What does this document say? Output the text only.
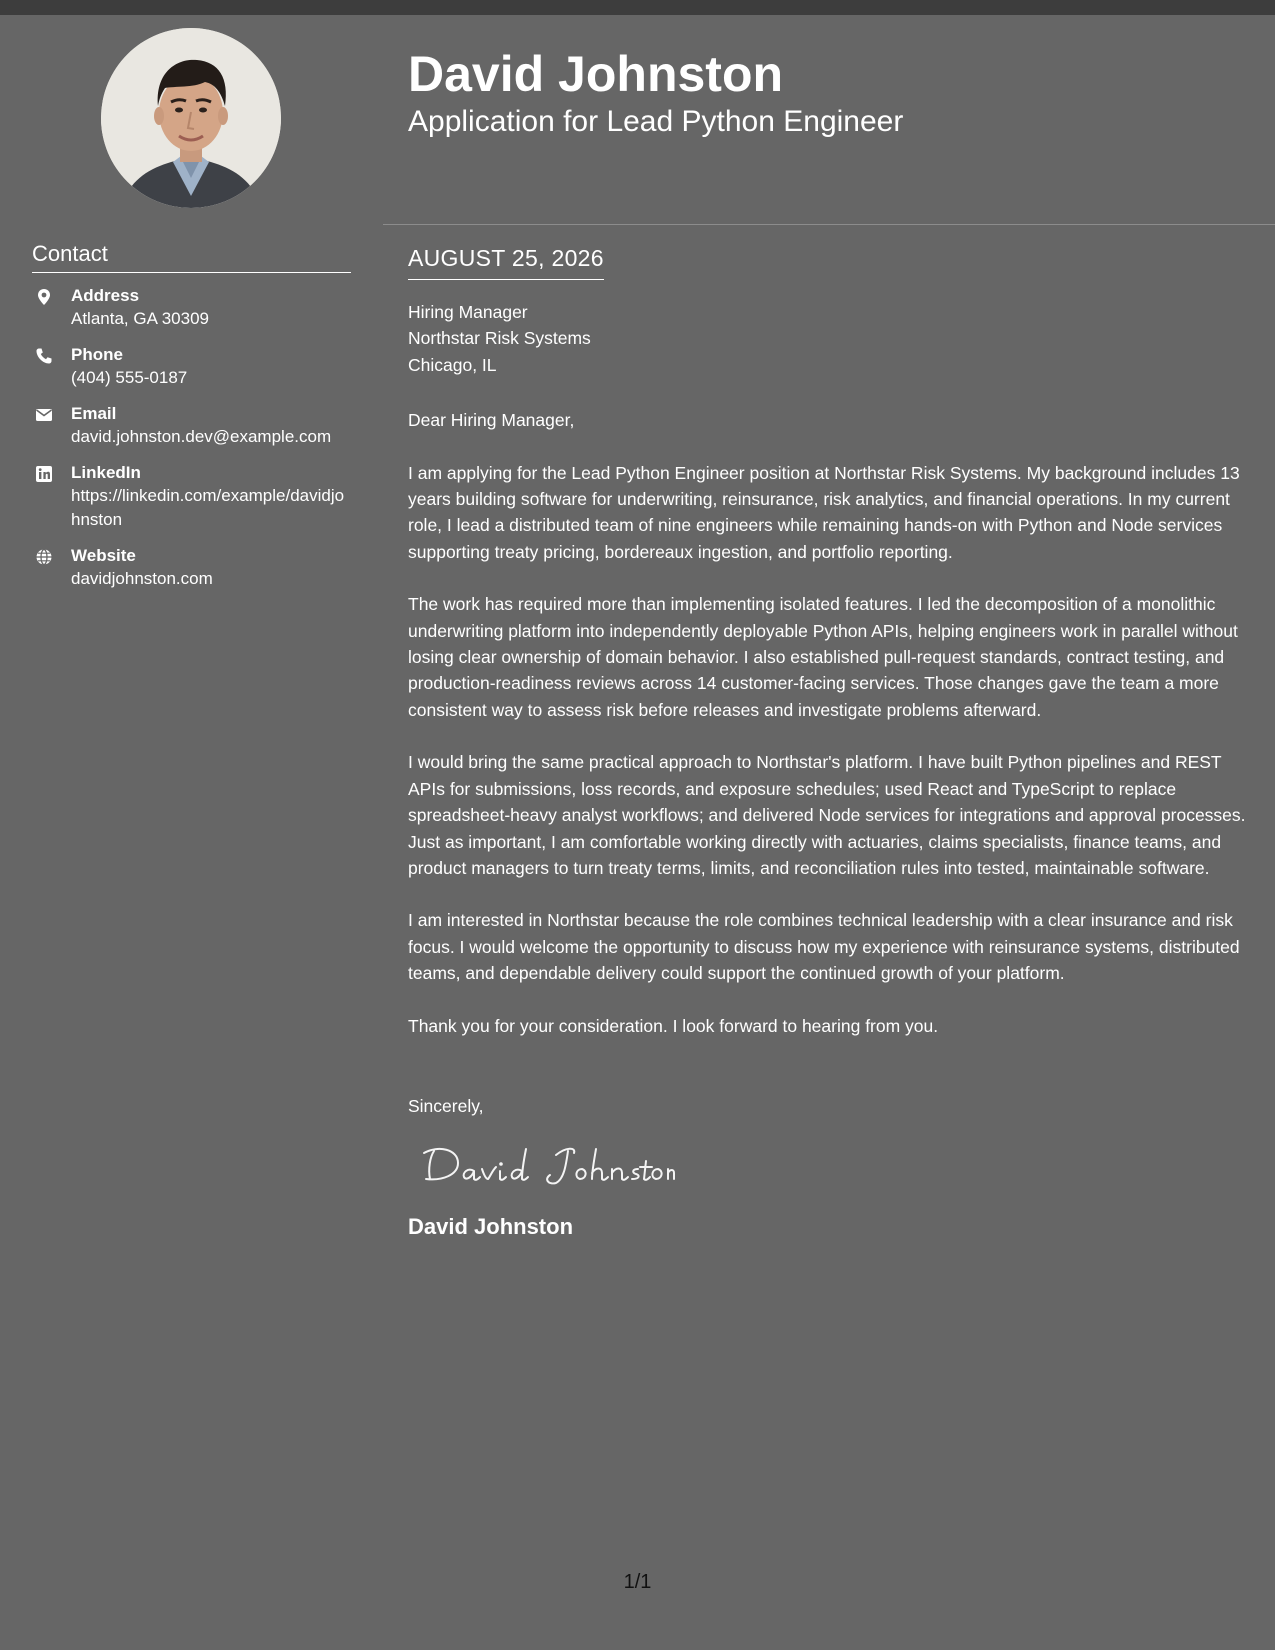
Contact
Address
Atlanta, GA 30309
Phone
(404) 555-0187
Email
david.johnston.dev@example.com
LinkedIn
https://linkedin.com/example/davidjohnston
Website
davidjohnston.com
David Johnston
Application for Lead Python Engineer
AUGUST 25, 2026
Hiring Manager
Northstar Risk Systems
Chicago, IL
Dear Hiring Manager,
I am applying for the Lead Python Engineer position at Northstar Risk Systems. My background includes 13 years building software for underwriting, reinsurance, risk analytics, and financial operations. In my current role, I lead a distributed team of nine engineers while remaining hands-on with Python and Node services supporting treaty pricing, bordereaux ingestion, and portfolio reporting.
The work has required more than implementing isolated features. I led the decomposition of a monolithic underwriting platform into independently deployable Python APIs, helping engineers work in parallel without losing clear ownership of domain behavior. I also established pull-request standards, contract testing, and production-readiness reviews across 14 customer-facing services. Those changes gave the team a more consistent way to assess risk before releases and investigate problems afterward.
I would bring the same practical approach to Northstar's platform. I have built Python pipelines and REST APIs for submissions, loss records, and exposure schedules; used React and TypeScript to replace spreadsheet-heavy analyst workflows; and delivered Node services for integrations and approval processes. Just as important, I am comfortable working directly with actuaries, claims specialists, finance teams, and product managers to turn treaty terms, limits, and reconciliation rules into tested, maintainable software.
I am interested in Northstar because the role combines technical leadership with a clear insurance and risk focus. I would welcome the opportunity to discuss how my experience with reinsurance systems, distributed teams, and dependable delivery could support the continued growth of your platform.
Thank you for your consideration. I look forward to hearing from you.
Sincerely,
David Johnston
1/1
